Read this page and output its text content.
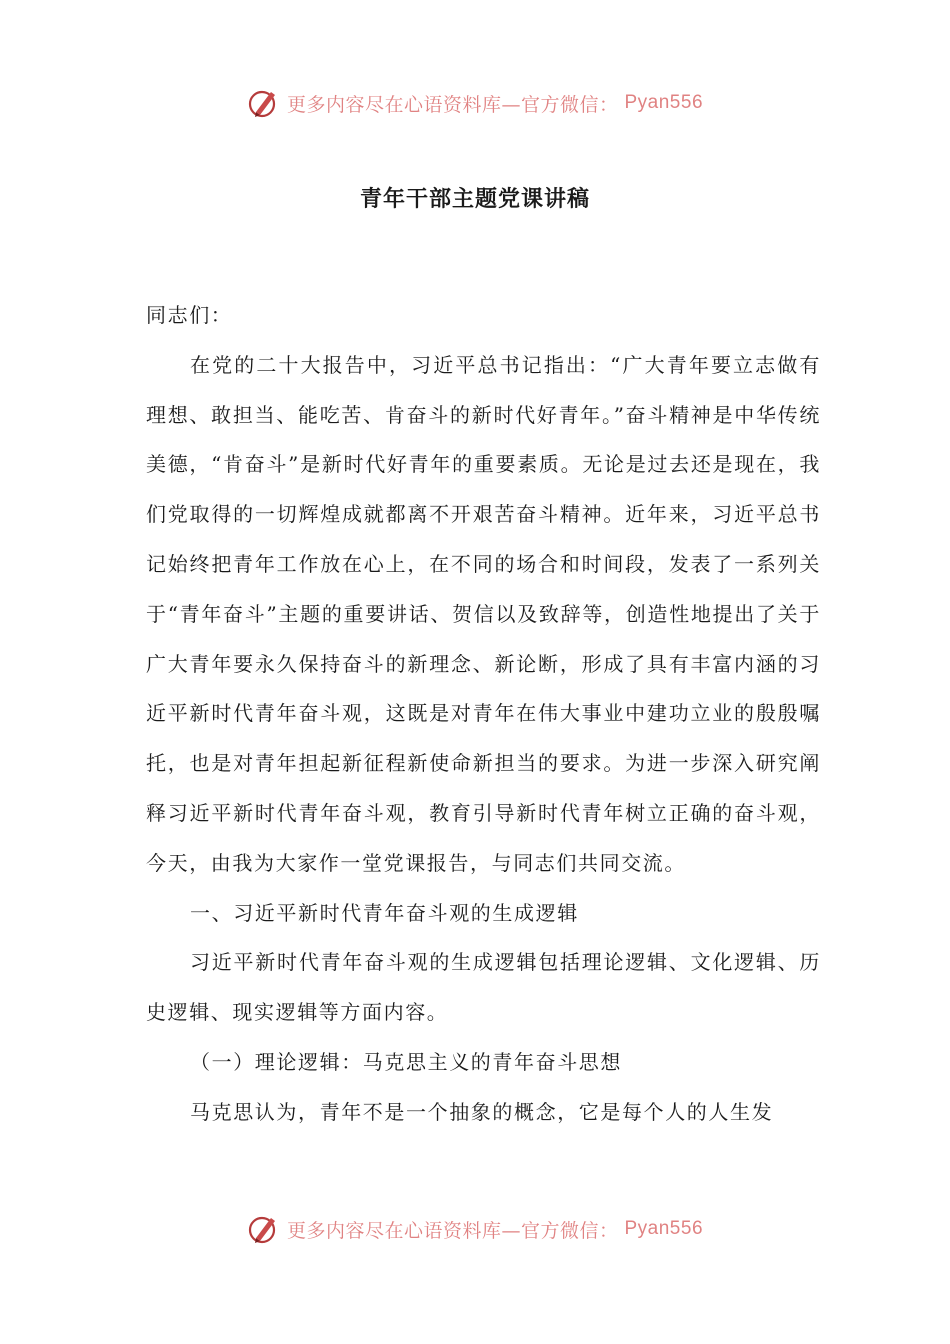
更多内容尽在心语资料库—官方微信： Pyan556
青年干部主题党课讲稿

同志们：

在党的二十大报告中，习近平总书记指出：“广大青年要立志做有理想、敢担当、能吃苦、肯奋斗的新时代好青年。”奋斗精神是中华传统美德，“肯奋斗”是新时代好青年的重要素质。无论是过去还是现在，我们党取得的一切辉煌成就都离不开艰苦奋斗精神。近年来，习近平总书记始终把青年工作放在心上，在不同的场合和时间段，发表了一系列关于“青年奋斗”主题的重要讲话、贺信以及致辞等，创造性地提出了关于广大青年要永久保持奋斗的新理念、新论断，形成了具有丰富内涵的习近平新时代青年奋斗观，这既是对青年在伟大事业中建功立业的殷殷嘱托，也是对青年担起新征程新使命新担当的要求。为进一步深入研究阐释习近平新时代青年奋斗观，教育引导新时代青年树立正确的奋斗观，今天，由我为大家作一堂党课报告，与同志们共同交流。

一、习近平新时代青年奋斗观的生成逻辑

习近平新时代青年奋斗观的生成逻辑包括理论逻辑、文化逻辑、历史逻辑、现实逻辑等方面内容。

（一）理论逻辑：马克思主义的青年奋斗思想

马克思认为，青年不是一个抽象的概念，它是每个人的人生发

更多内容尽在心语资料库—官方微信： Pyan556
